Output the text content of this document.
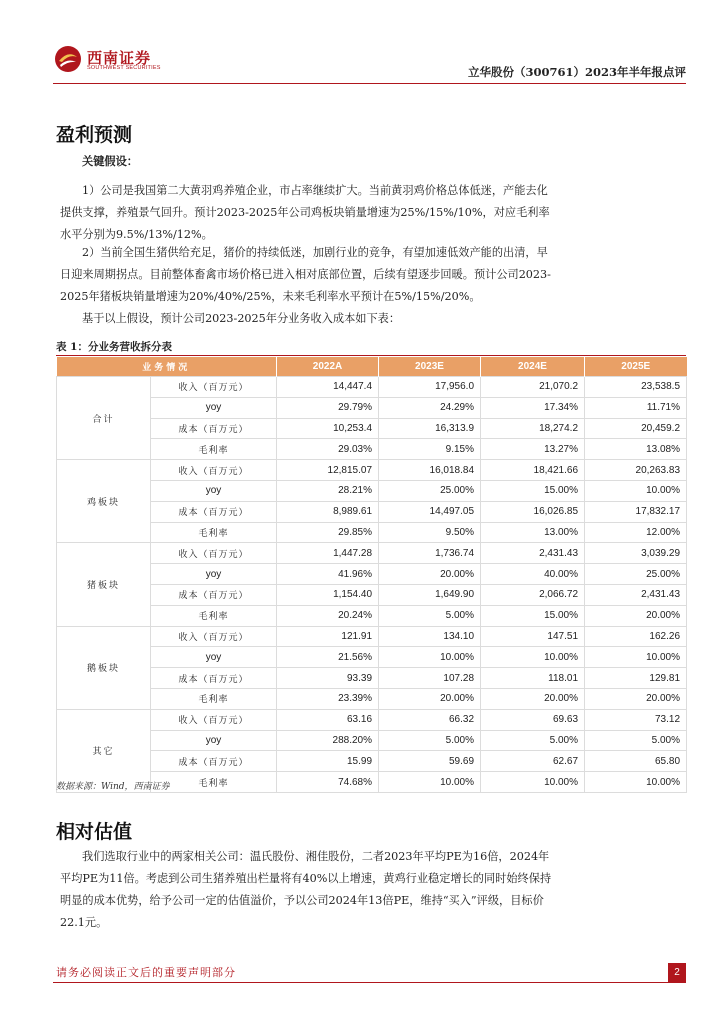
西南证券
SOUTHWEST SECURITIES	立华股份（300761）2023年半年报点评
盈利预测
关键假设：
1）公司是我国第二大黄羽鸡养殖企业，市占率继续扩大。当前黄羽鸡价格总体低迷，产能去化提供支撑，养殖景气回升。预计2023-2025年公司鸡板块销量增速为25%/15%/10%，对应毛利率水平分别为9.5%/13%/12%。
2）当前全国生猪供给充足，猪价的持续低迷，加剧行业的竞争，有望加速低效产能的出清，早日迎来周期拐点。目前整体畜禽市场价格已进入相对底部位置，后续有望逐步回暖。预计公司2023-2025年猪板块销量增速为20%/40%/25%，未来毛利率水平预计在5%/15%/20%。
基于以上假设，预计公司2023-2025年分业务收入成本如下表：
表 1：分业务营收拆分表
业务情况		2022A	2023E	2024E	2025E
合计	收入（百万元）	14,447.4	17,956.0	21,070.2	23,538.5
	yoy	29.79%	24.29%	17.34%	11.71%
	成本（百万元）	10,253.4	16,313.9	18,274.2	20,459.2
	毛利率	29.03%	9.15%	13.27%	13.08%
鸡板块	收入（百万元）	12,815.07	16,018.84	18,421.66	20,263.83
	yoy	28.21%	25.00%	15.00%	10.00%
	成本（百万元）	8,989.61	14,497.05	16,026.85	17,832.17
	毛利率	29.85%	9.50%	13.00%	12.00%
猪板块	收入（百万元）	1,447.28	1,736.74	2,431.43	3,039.29
	yoy	41.96%	20.00%	40.00%	25.00%
	成本（百万元）	1,154.40	1,649.90	2,066.72	2,431.43
	毛利率	20.24%	5.00%	15.00%	20.00%
鹅板块	收入（百万元）	121.91	134.10	147.51	162.26
	yoy	21.56%	10.00%	10.00%	10.00%
	成本（百万元）	93.39	107.28	118.01	129.81
	毛利率	23.39%	20.00%	20.00%	20.00%
其它	收入（百万元）	63.16	66.32	69.63	73.12
	yoy	288.20%	5.00%	5.00%	5.00%
	成本（百万元）	15.99	59.69	62.67	65.80
	毛利率	74.68%	10.00%	10.00%	10.00%
数据来源：Wind，西南证券
相对估值
我们选取行业中的两家相关公司：温氏股份、湘佳股份，二者2023年平均PE为16倍，2024年平均PE为11倍。考虑到公司生猪养殖出栏量将有40%以上增速，黄鸡行业稳定增长的同时始终保持明显的成本优势，给予公司一定的估值溢价，予以公司2024年13倍PE，维持“买入”评级，目标价22.1元。
请务必阅读正文后的重要声明部分	2
